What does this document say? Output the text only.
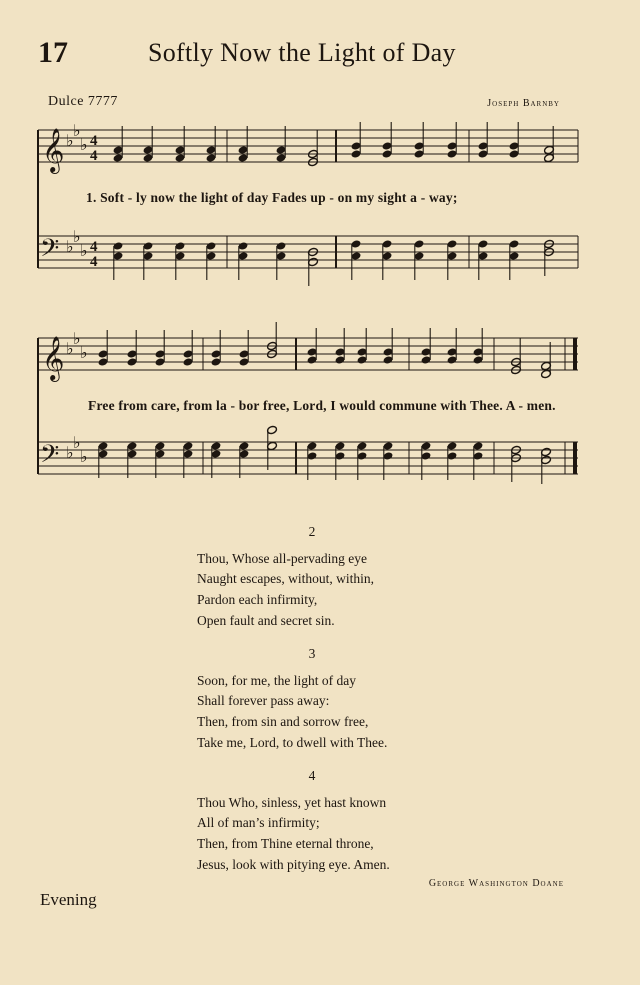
17	Softly Now the Light of Day
Dulce 7777	Joseph Barnby
𝄞
𝄢
♭
♭
♭
♭
♭
♭
4
4
4
4
𝄞
𝄢
♭
♭
♭
♭
♭
♭
1. Soft - ly now the light of day Fades up - on my sight a - way;
Free from care, from la - bor free, Lord, I would commune with Thee. A - men.
2
Thou, Whose all-pervading eye
Naught escapes, without, within,
Pardon each infirmity,
Open fault and secret sin.
3
Soon, for me, the light of day
Shall forever pass away:
Then, from sin and sorrow free,
Take me, Lord, to dwell with Thee.
4
Thou Who, sinless, yet hast known
All of man’s infirmity;
Then, from Thine eternal throne,
Jesus, look with pitying eye. Amen.
George Washington Doane
Evening
